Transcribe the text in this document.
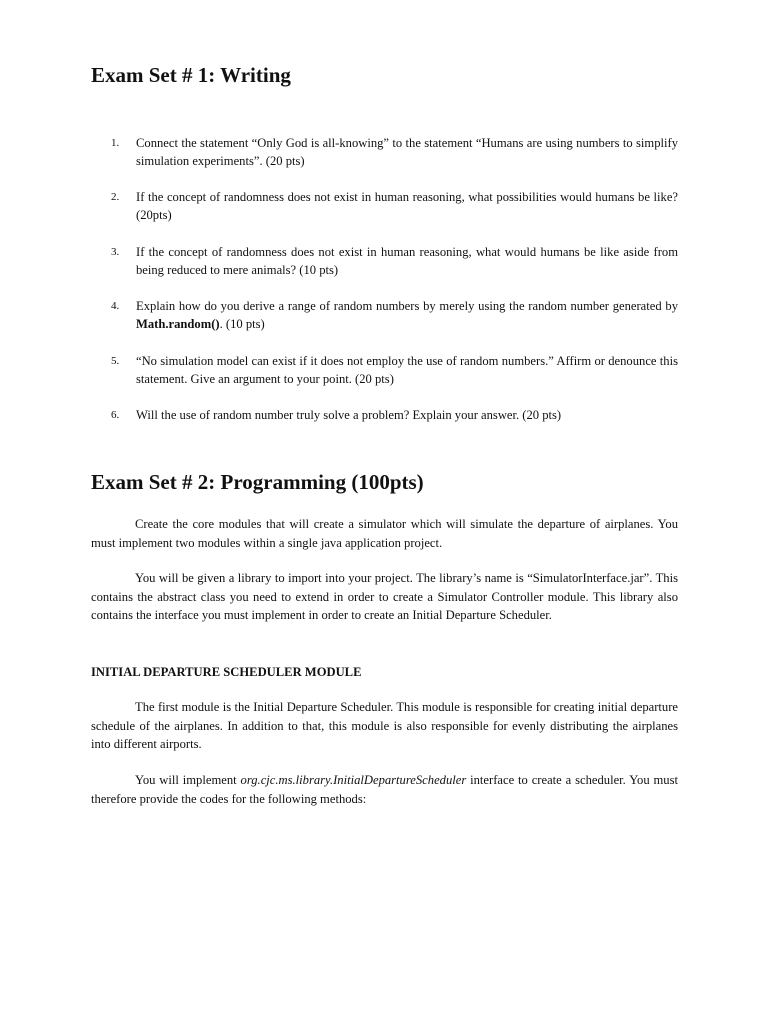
Exam Set # 1: Writing
1. Connect the statement “Only God is all-knowing” to the statement “Humans are using numbers to simplify simulation experiments”. (20 pts)
2. If the concept of randomness does not exist in human reasoning, what possibilities would humans be like? (20pts)
3. If the concept of randomness does not exist in human reasoning, what would humans be like aside from being reduced to mere animals? (10 pts)
4. Explain how do you derive a range of random numbers by merely using the random number generated by Math.random(). (10 pts)
5. “No simulation model can exist if it does not employ the use of random numbers.” Affirm or denounce this statement. Give an argument to your point. (20 pts)
6. Will the use of random number truly solve a problem? Explain your answer. (20 pts)
Exam Set # 2: Programming (100pts)

Create the core modules that will create a simulator which will simulate the departure of airplanes. You must implement two modules within a single java application project.

You will be given a library to import into your project. The library’s name is “SimulatorInterface.jar”. This contains the abstract class you need to extend in order to create a Simulator Controller module. This library also contains the interface you must implement in order to create an Initial Departure Scheduler.

INITIAL DEPARTURE SCHEDULER MODULE

The first module is the Initial Departure Scheduler. This module is responsible for creating initial departure schedule of the airplanes. In addition to that, this module is also responsible for evenly distributing the airplanes into different airports.

You will implement org.cjc.ms.library.InitialDepartureScheduler interface to create a scheduler. You must therefore provide the codes for the following methods:
